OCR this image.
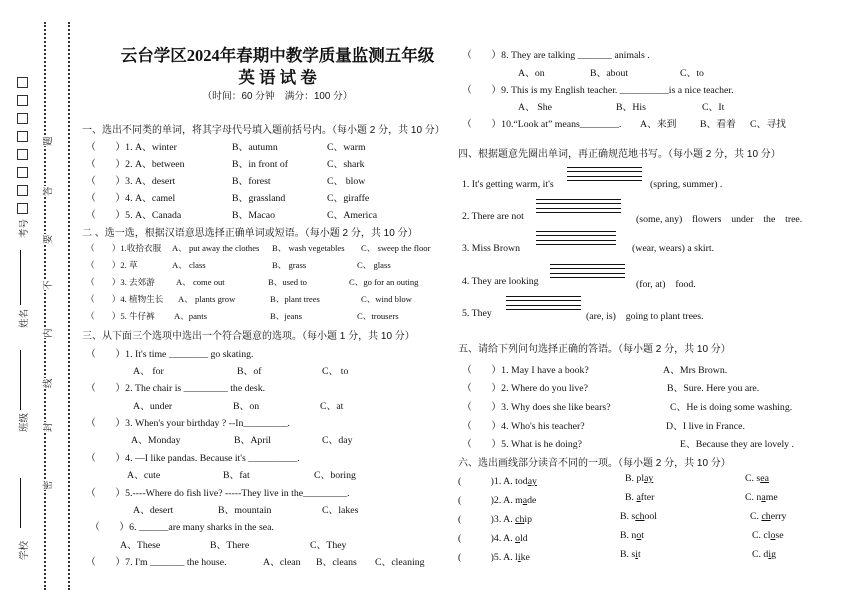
学校
班级
姓名
考号
密
封
线
内
不
要
答
题
云台学区2024年春期中教学质量监测五年级
英 语 试 卷
（时间：60 分钟　满分：100 分）
一、选出不同类的单词，将其字母代号填入题前括号内。（每小题 2 分，共 10 分）
（　　）1. A、winter	B、autumn	C、warm
（　　）2. A、between	B、in front of	C、shark
（　　）3. A、desert	B、forest	C、 blow
（　　）4. A、camel	B、grassland	C、giraffe
（　　）5. A、Canada	B、Macao	C、America
二 、选一选，根据汉语意思选择正确单词或短语。（每小题 2 分，共 10 分）
（　　）1.收拾衣服 A、 put away the clothes B、 wash vegetables C、 sweep the floor
（　　）2. 草	A、 class	B、 grass	C、 glass
（　　）3. 去郊游 A、 come out	B、used to	C、go for an outing
（　　）4. 植物生长 A、 plants grow	B、plant trees	C、wind blow
（　　）5. 牛仔裤 A、pants	B、jeans	C、trousers
三、从下面三个选项中选出一个符合题意的选项。（每小题 1 分，共 10 分）
（　　）1. It's time ________ go skating.
A、 for	B、of	C、 to
（　　）2. The chair is _________ the desk.
A、under	B、on	C、at
（　　）3. When's your birthday ? --In_________.
A、Monday	B、April	C、day
（　　）4. —I like pandas. Because it's __________.
A、cute	B、fat	C、boring
（　　）5.----Where do fish live? -----They live in the_________.
A、desert	B、mountain	C、lakes
（　　）6. ______are many sharks in the sea.
A、These	B、There	C、They
（　　）7. I'm _______ the house.	A、clean B、cleans C、cleaning
（　　）8. They are talking _______ animals .
A、on	B、about	C、to
（　　）9. This is my English teacher. __________is a nice teacher.
A、 She	B、His	C、It
（　　）10.“Look at” means________. A、来到 B、看着 C、寻找
四、根据题意先圈出单词，再正确规范地书写。（每小题 2 分，共 10 分）
1. It's getting warm, it's	(spring, summer) .
2. There are not	(some, any)　flowers　under　the　tree.
3. Miss Brown	(wear, wears) a skirt.
4. They are looking	(for, at)　food.
5. They	(are, is)　going to plant trees.
五、请给下列问句选择正确的答语。（每小题 2 分，共 10 分）
（　　）1. May I have a book?	A、Mrs Brown.
（　　）2. Where do you live?	B、Sure. Here you are.
（　　）3. Why does she like bears?	C、He is doing some washing.
（　　）4. Who's his teacher?	D、I live in France.
（　　）5. What is he doing?	E、Because they are lovely .
六、选出画线部分读音不同的一项。（每小题 2 分，共 10 分）
(　　　)1. A. today	B. play	C. sea
(　　　)2. A. made	B. after	C. name
(　　　)3. A. chip	B. school	C. cherry
(　　　)4. A. old	B. not	C. close
(　　　)5. A. like	B. sit	C. dig
